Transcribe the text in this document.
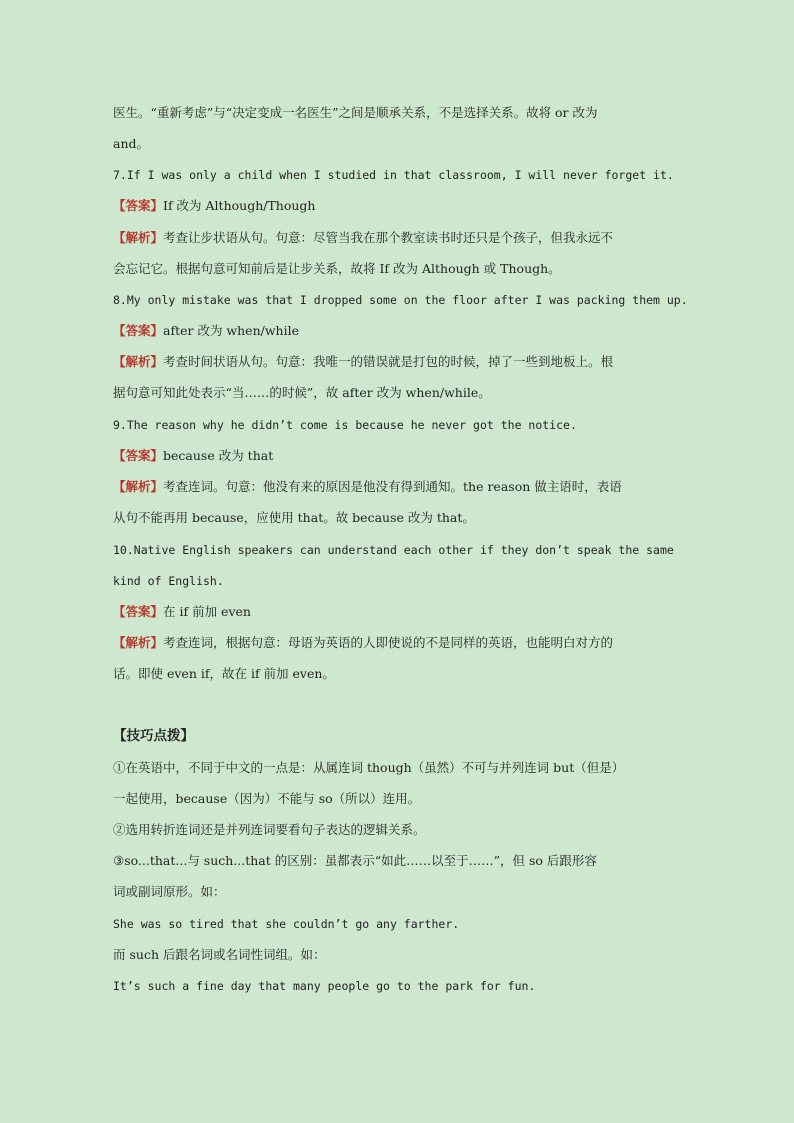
医生。“重新考虑”与“决定变成一名医生”之间是顺承关系，不是选择关系。故将 or 改为
and。
7.If I was only a child when I studied in that classroom, I will never forget it.
【答案】If 改为 Although/Though
【解析】考查让步状语从句。句意：尽管当我在那个教室读书时还只是个孩子，但我永远不
会忘记它。根据句意可知前后是让步关系，故将 If 改为 Although 或 Though。
8.My only mistake was that I dropped some on the floor after I was packing them up.
【答案】after 改为 when/while
【解析】考查时间状语从句。句意：我唯一的错误就是打包的时候，掉了一些到地板上。根
据句意可知此处表示“当……的时候”，故 after 改为 when/while。
9.The reason why he didn’t come is because he never got the notice.
【答案】because 改为 that
【解析】考查连词。句意：他没有来的原因是他没有得到通知。the reason 做主语时，表语
从句不能再用 because，应使用 that。故 because 改为 that。
10.Native English speakers can understand each other if they don’t speak the same
kind of English.
【答案】在 if 前加 even
【解析】考查连词，根据句意：母语为英语的人即使说的不是同样的英语，也能明白对方的
话。即使 even if，故在 if 前加 even。
【技巧点拨】
①在英语中，不同于中文的一点是：从属连词 though（虽然）不可与并列连词 but（但是）
一起使用，because（因为）不能与 so（所以）连用。
②选用转折连词还是并列连词要看句子表达的逻辑关系。
③so...that...与 such...that 的区别：虽都表示“如此……以至于……”，但 so 后跟形容
词或副词原形。如：
She was so tired that she couldn’t go any farther.
而 such 后跟名词或名词性词组。如：
It’s such a fine day that many people go to the park for fun.
